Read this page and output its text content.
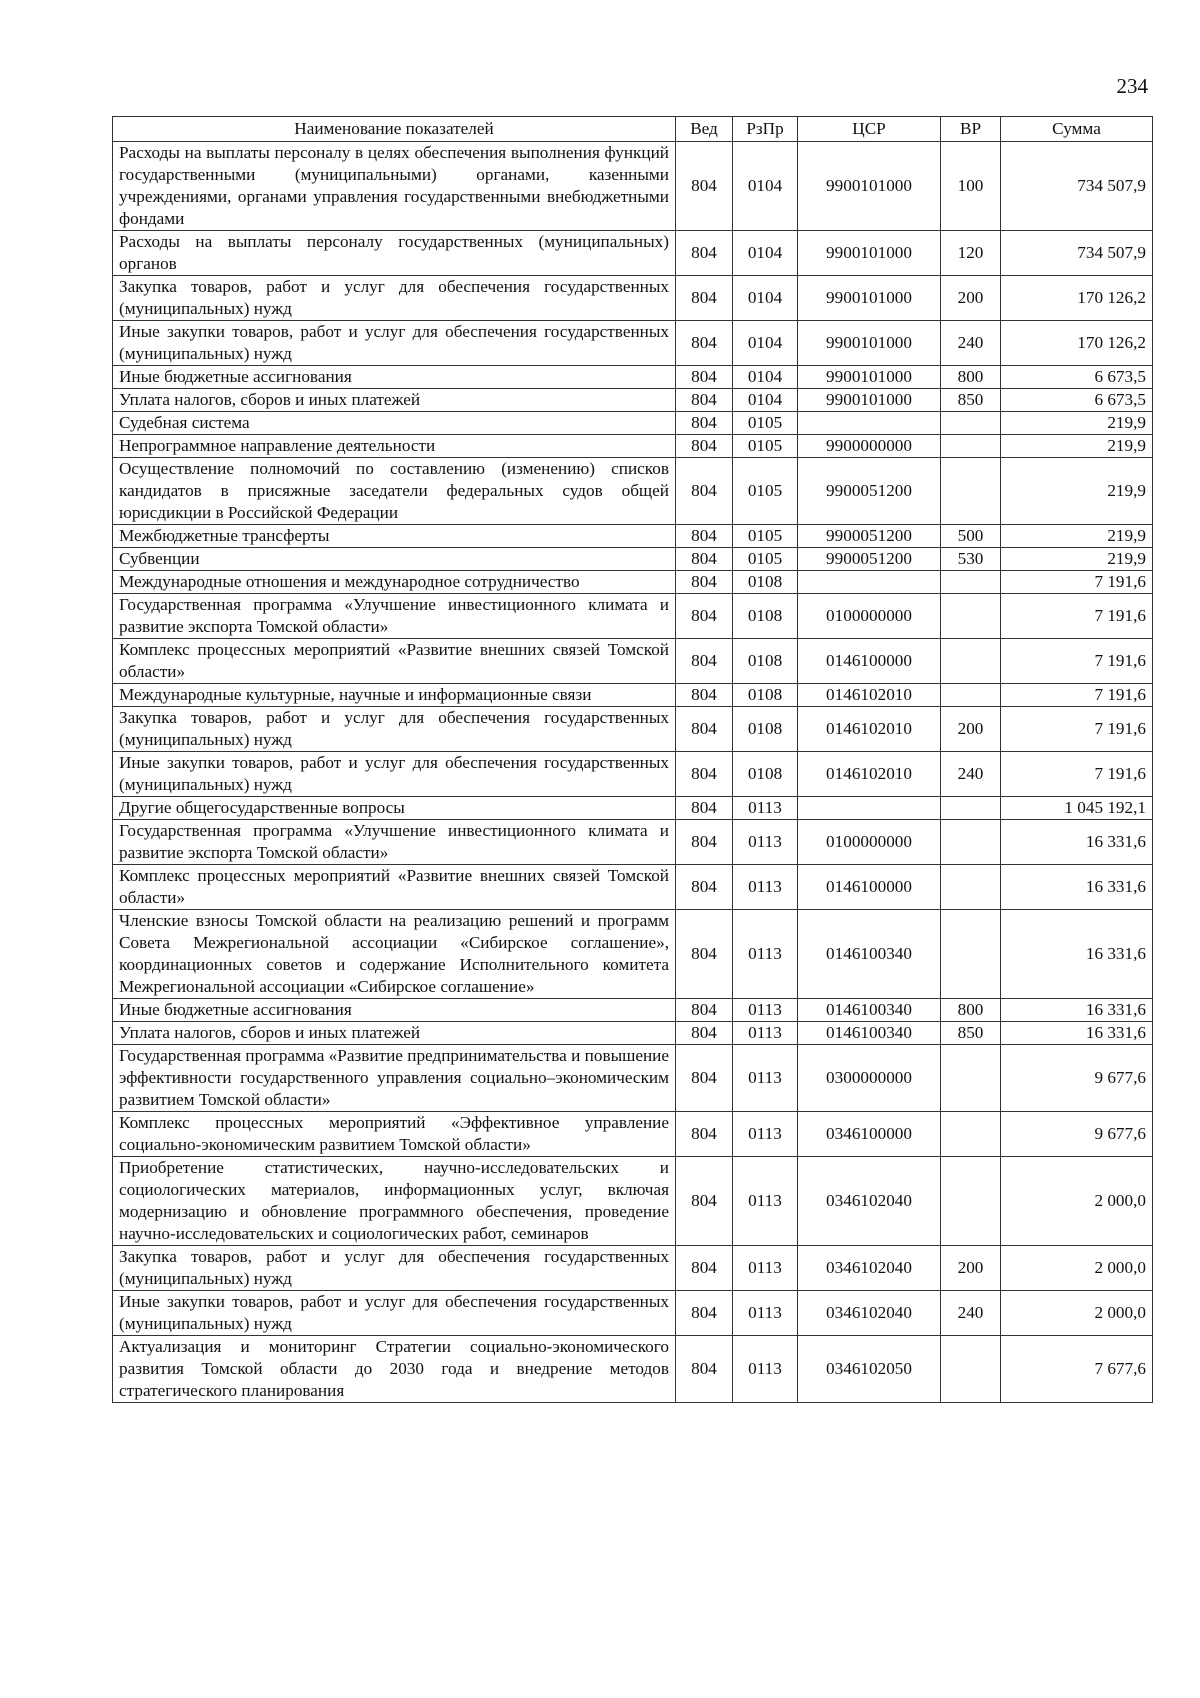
234
Наименование показателей	Вед	РзПр	ЦСР	ВР	Сумма
Расходы на выплаты персоналу в целях обеспечения выполнения функций государственными (муниципальными) органами, казенными учреждениями, органами управления государственными внебюджетными фондами	804	0104	9900101000	100	734 507,9
Расходы на выплаты персоналу государственных (муниципальных) органов	804	0104	9900101000	120	734 507,9
Закупка товаров, работ и услуг для обеспечения государственных (муниципальных) нужд	804	0104	9900101000	200	170 126,2
Иные закупки товаров, работ и услуг для обеспечения государственных (муниципальных) нужд	804	0104	9900101000	240	170 126,2
Иные бюджетные ассигнования	804	0104	9900101000	800	6 673,5
Уплата налогов, сборов и иных платежей	804	0104	9900101000	850	6 673,5
Судебная система	804	0105			219,9
Непрограммное направление деятельности	804	0105	9900000000		219,9
Осуществление полномочий по составлению (изменению) списков кандидатов в присяжные заседатели федеральных судов общей юрисдикции в Российской Федерации	804	0105	9900051200		219,9
Межбюджетные трансферты	804	0105	9900051200	500	219,9
Субвенции	804	0105	9900051200	530	219,9
Международные отношения и международное сотрудничество	804	0108			7 191,6
Государственная программа «Улучшение инвестиционного климата и развитие экспорта Томской области»	804	0108	0100000000		7 191,6
Комплекс процессных мероприятий «Развитие внешних связей Томской области»	804	0108	0146100000		7 191,6
Международные культурные, научные и информационные связи	804	0108	0146102010		7 191,6
Закупка товаров, работ и услуг для обеспечения государственных (муниципальных) нужд	804	0108	0146102010	200	7 191,6
Иные закупки товаров, работ и услуг для обеспечения государственных (муниципальных) нужд	804	0108	0146102010	240	7 191,6
Другие общегосударственные вопросы	804	0113			1 045 192,1
Государственная программа «Улучшение инвестиционного климата и развитие экспорта Томской области»	804	0113	0100000000		16 331,6
Комплекс процессных мероприятий «Развитие внешних связей Томской области»	804	0113	0146100000		16 331,6
Членские взносы Томской области на реализацию решений и программ Совета Межрегиональной ассоциации «Сибирское соглашение», координационных советов и содержание Исполнительного комитета Межрегиональной ассоциации «Сибирское соглашение»	804	0113	0146100340		16 331,6
Иные бюджетные ассигнования	804	0113	0146100340	800	16 331,6
Уплата налогов, сборов и иных платежей	804	0113	0146100340	850	16 331,6
Государственная программа «Развитие предпринимательства и повышение эффективности государственного управления социально–экономическим развитием Томской области»	804	0113	0300000000		9 677,6
Комплекс процессных мероприятий «Эффективное управление социально-экономическим развитием Томской области»	804	0113	0346100000		9 677,6
Приобретение статистических, научно-исследовательских и социологических материалов, информационных услуг, включая модернизацию и обновление программного обеспечения, проведение научно-исследовательских и социологических работ, семинаров	804	0113	0346102040		2 000,0
Закупка товаров, работ и услуг для обеспечения государственных (муниципальных) нужд	804	0113	0346102040	200	2 000,0
Иные закупки товаров, работ и услуг для обеспечения государственных (муниципальных) нужд	804	0113	0346102040	240	2 000,0
Актуализация и мониторинг Стратегии социально-экономического развития Томской области до 2030 года и внедрение методов стратегического планирования	804	0113	0346102050		7 677,6
